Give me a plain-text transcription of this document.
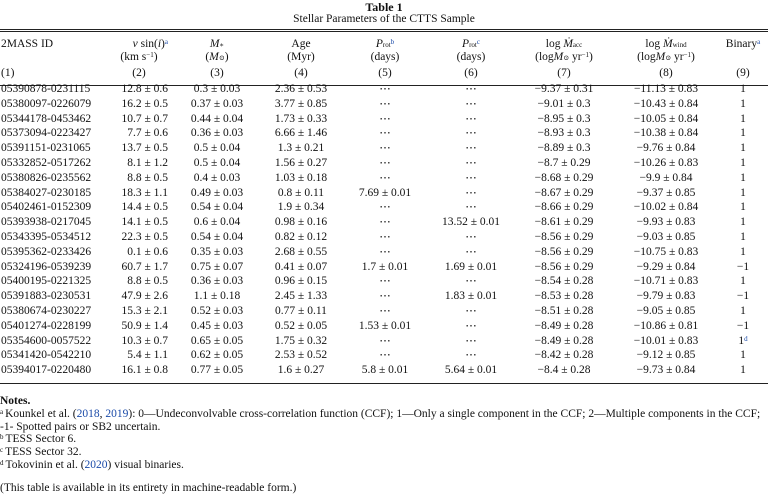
Table 1
Stellar Parameters of the CTTS Sample
2MASS ID	v $\sin(i)^a$	M∗	Age	Prot$^b$	Prot$^c$	log Ṁacc	log Ṁwind	Binary$^a$
	(km $s^{-1}$)	(M⊙)	(Myr)	(days)	(days)	(logM⊙ $yr^{-1}$)	(logM⊙ $yr^{-1}$)	
(1)	(2)	(3)	(4)	(5)	(6)	(7)	(8)	(9)
05390878-0231115	12.8 ± 0.6	0.3 ± 0.03	2.36 ± 0.53	⋯	⋯	−9.37 ± 0.31	−11.13 ± 0.83	1
05380097-0226079	16.2 ± 0.5	0.37 ± 0.03	3.77 ± 0.85	⋯	⋯	−9.01 ± 0.3	−10.43 ± 0.84	1
05344178-0453462	10.7 ± 0.7	0.44 ± 0.04	1.73 ± 0.33	⋯	⋯	−8.95 ± 0.3	−10.05 ± 0.84	1
05373094-0223427	7.7 ± 0.6	0.36 ± 0.03	6.66 ± 1.46	⋯	⋯	−8.93 ± 0.3	−10.38 ± 0.84	1
05391151-0231065	13.7 ± 0.5	0.5 ± 0.04	1.3 ± 0.21	⋯	⋯	−8.89 ± 0.3	−9.76 ± 0.84	1
05332852-0517262	8.1 ± 1.2	0.5 ± 0.04	1.56 ± 0.27	⋯	⋯	−8.7 ± 0.29	−10.26 ± 0.83	1
05380826-0235562	8.8 ± 0.5	0.4 ± 0.03	1.03 ± 0.18	⋯	⋯	−8.68 ± 0.29	−9.9 ± 0.84	1
05384027-0230185	18.3 ± 1.1	0.49 ± 0.03	0.8 ± 0.11	7.69 ± 0.01	⋯	−8.67 ± 0.29	−9.37 ± 0.85	1
05402461-0152309	14.4 ± 0.5	0.54 ± 0.04	1.9 ± 0.34	⋯	⋯	−8.66 ± 0.29	−10.02 ± 0.84	1
05393938-0217045	14.1 ± 0.5	0.6 ± 0.04	0.98 ± 0.16	⋯	13.52 ± 0.01	−8.61 ± 0.29	−9.93 ± 0.83	1
05343395-0534512	22.3 ± 0.5	0.54 ± 0.04	0.82 ± 0.12	⋯	⋯	−8.56 ± 0.29	−9.03 ± 0.85	1
05395362-0233426	0.1 ± 0.6	0.35 ± 0.03	2.68 ± 0.55	⋯	⋯	−8.56 ± 0.29	−10.75 ± 0.83	1
05324196-0539239	60.7 ± 1.7	0.75 ± 0.07	0.41 ± 0.07	1.7 ± 0.01	1.69 ± 0.01	−8.56 ± 0.29	−9.29 ± 0.84	−1
05400195-0221325	8.8 ± 0.5	0.36 ± 0.03	0.96 ± 0.15	⋯	⋯	−8.54 ± 0.28	−10.71 ± 0.83	1
05391883-0230531	47.9 ± 2.6	1.1 ± 0.18	2.45 ± 1.33	⋯	1.83 ± 0.01	−8.53 ± 0.28	−9.79 ± 0.83	−1
05380674-0230227	15.3 ± 2.1	0.52 ± 0.03	0.77 ± 0.11	⋯	⋯	−8.51 ± 0.28	−9.05 ± 0.85	1
05401274-0228199	50.9 ± 1.4	0.45 ± 0.03	0.52 ± 0.05	1.53 ± 0.01	⋯	−8.49 ± 0.28	−10.86 ± 0.81	−1
05354600-0057522	10.3 ± 0.7	0.65 ± 0.05	1.75 ± 0.32	⋯	⋯	−8.49 ± 0.28	−10.01 ± 0.83	1$^d$
05341420-0542210	5.4 ± 1.1	0.62 ± 0.05	2.53 ± 0.52	⋯	⋯	−8.42 ± 0.28	−9.12 ± 0.85	1
05394017-0220480	16.1 ± 0.8	0.77 ± 0.05	1.6 ± 0.27	5.8 ± 0.01	5.64 ± 0.01	−8.4 ± 0.28	−9.73 ± 0.84	1
Notes.
$^a$ Kounkel et al. (2018, 2019): 0—Undeconvolvable cross-correlation function (CCF); 1—Only a single component in the CCF; 2—Multiple components in the CCF;
-1- Spotted pairs or SB2 uncertain.
$^b$ TESS Sector 6.
$^c$ TESS Sector 32.
$^d$ Tokovinin et al. (2020) visual binaries.
(This table is available in its entirety in machine-readable form.)
